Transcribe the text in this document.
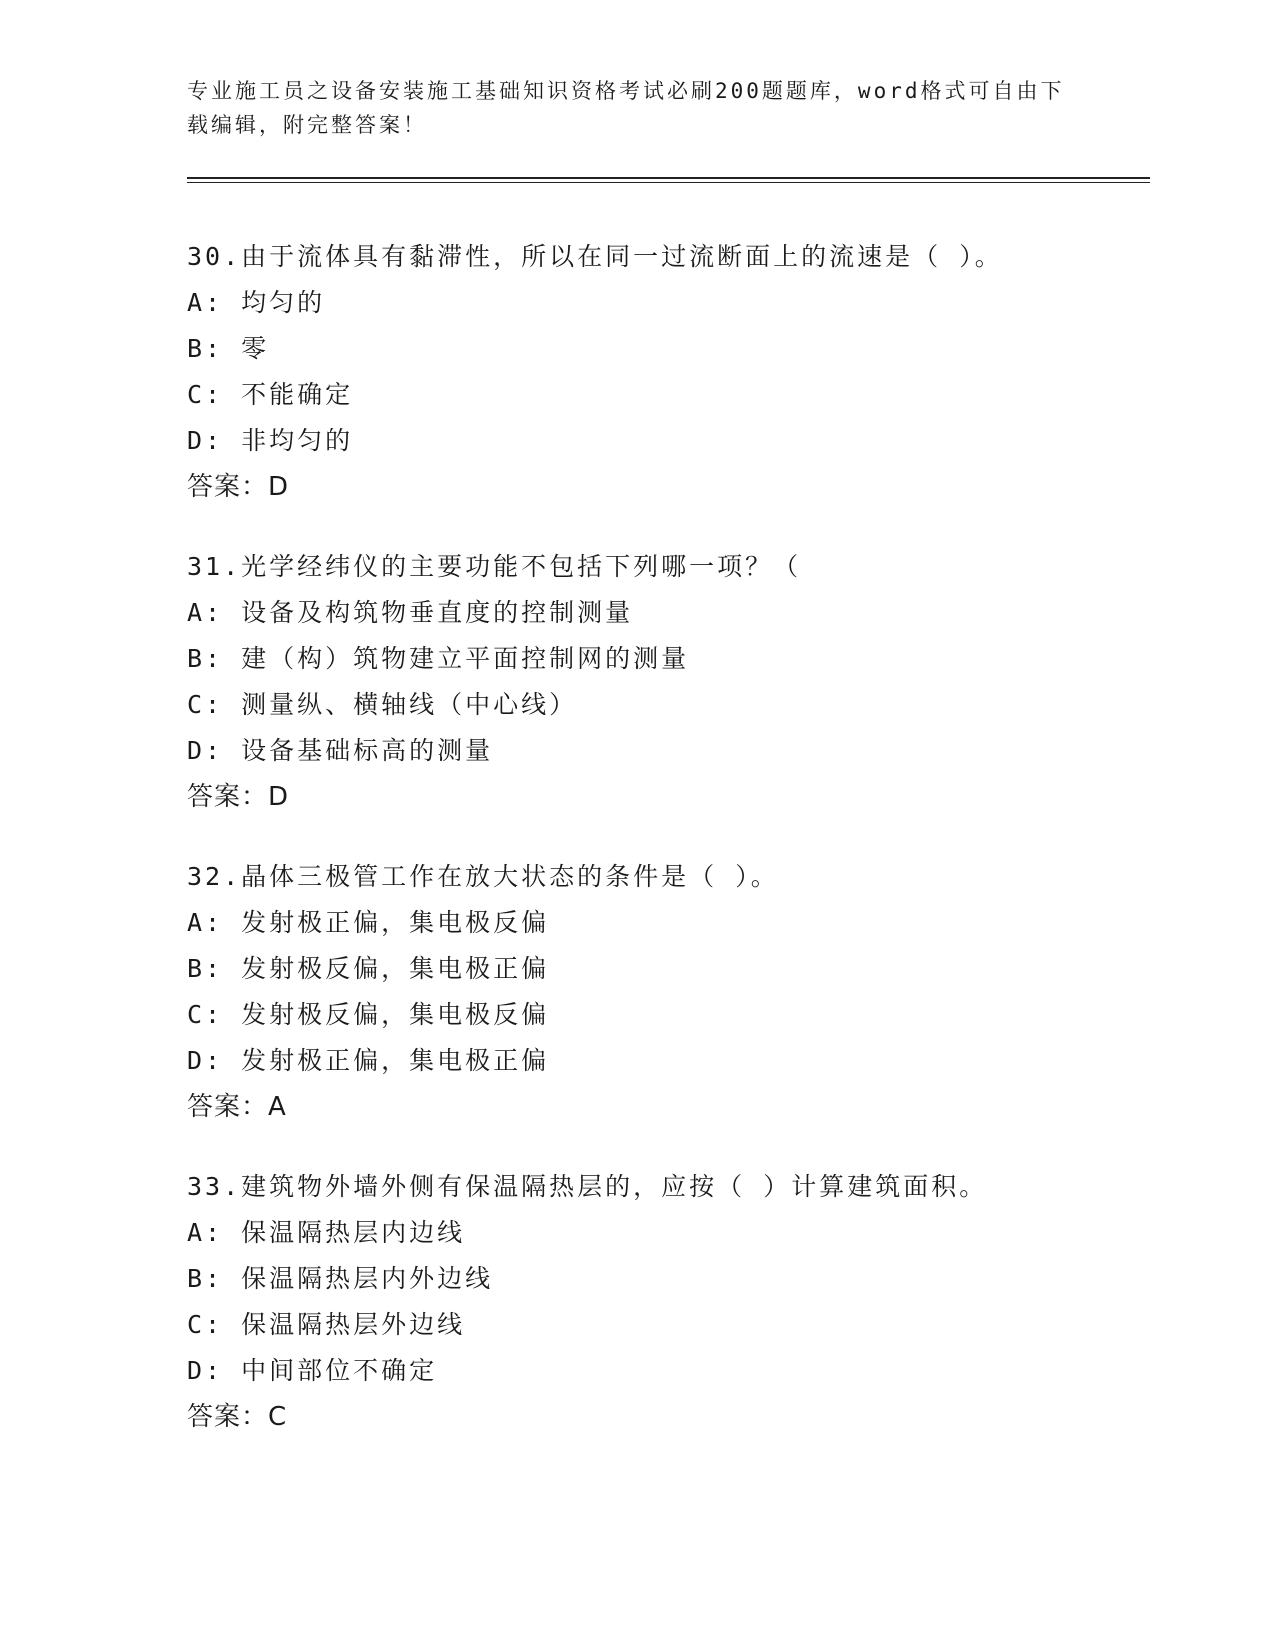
专业施工员之设备安装施工基础知识资格考试必刷200题题库，word格式可自由下载编辑，附完整答案！
30.由于流体具有黏滞性，所以在同一过流断面上的流速是（ ）。
A: 均匀的
B: 零
C: 不能确定
D: 非均匀的
答案：D
31.光学经纬仪的主要功能不包括下列哪一项？（
A: 设备及构筑物垂直度的控制测量
B: 建（构）筑物建立平面控制网的测量
C: 测量纵、横轴线（中心线）
D: 设备基础标高的测量
答案：D
32.晶体三极管工作在放大状态的条件是（ ）。
A: 发射极正偏，集电极反偏
B: 发射极反偏，集电极正偏
C: 发射极反偏，集电极反偏
D: 发射极正偏，集电极正偏
答案：A
33.建筑物外墙外侧有保温隔热层的，应按（ ）计算建筑面积。
A: 保温隔热层内边线
B: 保温隔热层内外边线
C: 保温隔热层外边线
D: 中间部位不确定
答案：C
